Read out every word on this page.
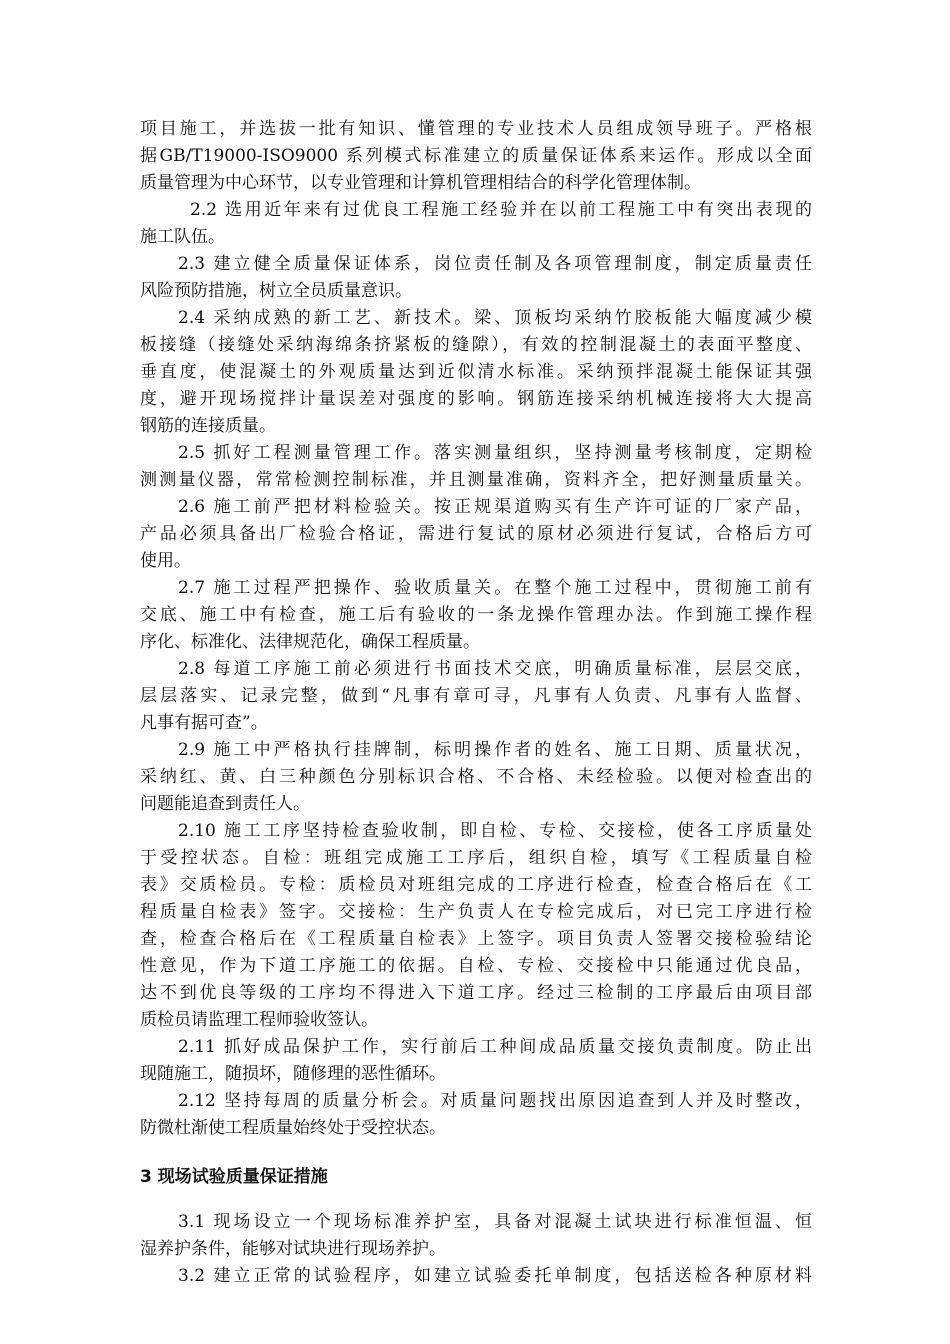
项目施工，并选拔一批有知识、懂管理的专业技术人员组成领导班子。严格根
据GB/T19000-ISO9000 系列模式标准建立的质量保证体系来运作。形成以全面
质量管理为中心环节，以专业管理和计算机管理相结合的科学化管理体制。
2.2 选用近年来有过优良工程施工经验并在以前工程施工中有突出表现的
施工队伍。
2.3 建立健全质量保证体系，岗位责任制及各项管理制度，制定质量责任
风险预防措施，树立全员质量意识。
2.4 采纳成熟的新工艺、新技术。梁、顶板均采纳竹胶板能大幅度减少模
板接缝（接缝处采纳海绵条挤紧板的缝隙），有效的控制混凝土的表面平整度、
垂直度，使混凝土的外观质量达到近似清水标准。采纳预拌混凝土能保证其强
度，避开现场搅拌计量误差对强度的影响。钢筋连接采纳机械连接将大大提高
钢筋的连接质量。
2.5 抓好工程测量管理工作。落实测量组织，坚持测量考核制度，定期检
测测量仪器，常常检测控制标准，并且测量准确，资料齐全，把好测量质量关。
2.6 施工前严把材料检验关。按正规渠道购买有生产许可证的厂家产品，
产品必须具备出厂检验合格证，需进行复试的原材必须进行复试，合格后方可
使用。
2.7 施工过程严把操作、验收质量关。在整个施工过程中，贯彻施工前有
交底、施工中有检查，施工后有验收的一条龙操作管理办法。作到施工操作程
序化、标准化、法律规范化，确保工程质量。
2.8 每道工序施工前必须进行书面技术交底，明确质量标准，层层交底，
层层落实、记录完整，做到“凡事有章可寻，凡事有人负责、凡事有人监督、
凡事有据可查”。
2.9 施工中严格执行挂牌制，标明操作者的姓名、施工日期、质量状况，
采纳红、黄、白三种颜色分别标识合格、不合格、未经检验。以便对检查出的
问题能追查到责任人。
2.10 施工工序坚持检查验收制，即自检、专检、交接检，使各工序质量处
于受控状态。自检：班组完成施工工序后，组织自检，填写《工程质量自检
表》交质检员。专检：质检员对班组完成的工序进行检查，检查合格后在《工
程质量自检表》签字。交接检：生产负责人在专检完成后，对已完工序进行检
查，检查合格后在《工程质量自检表》上签字。项目负责人签署交接检验结论
性意见，作为下道工序施工的依据。自检、专检、交接检中只能通过优良品，
达不到优良等级的工序均不得进入下道工序。经过三检制的工序最后由项目部
质检员请监理工程师验收签认。
2.11 抓好成品保护工作，实行前后工种间成品质量交接负责制度。防止出
现随施工，随损坏，随修理的恶性循环。
2.12 坚持每周的质量分析会。对质量问题找出原因追查到人并及时整改，
防微杜渐使工程质量始终处于受控状态。
3 现场试验质量保证措施
3.1 现场设立一个现场标准养护室，具备对混凝土试块进行标准恒温、恒
湿养护条件，能够对试块进行现场养护。
3.2 建立正常的试验程序，如建立试验委托单制度，包括送检各种原材料
